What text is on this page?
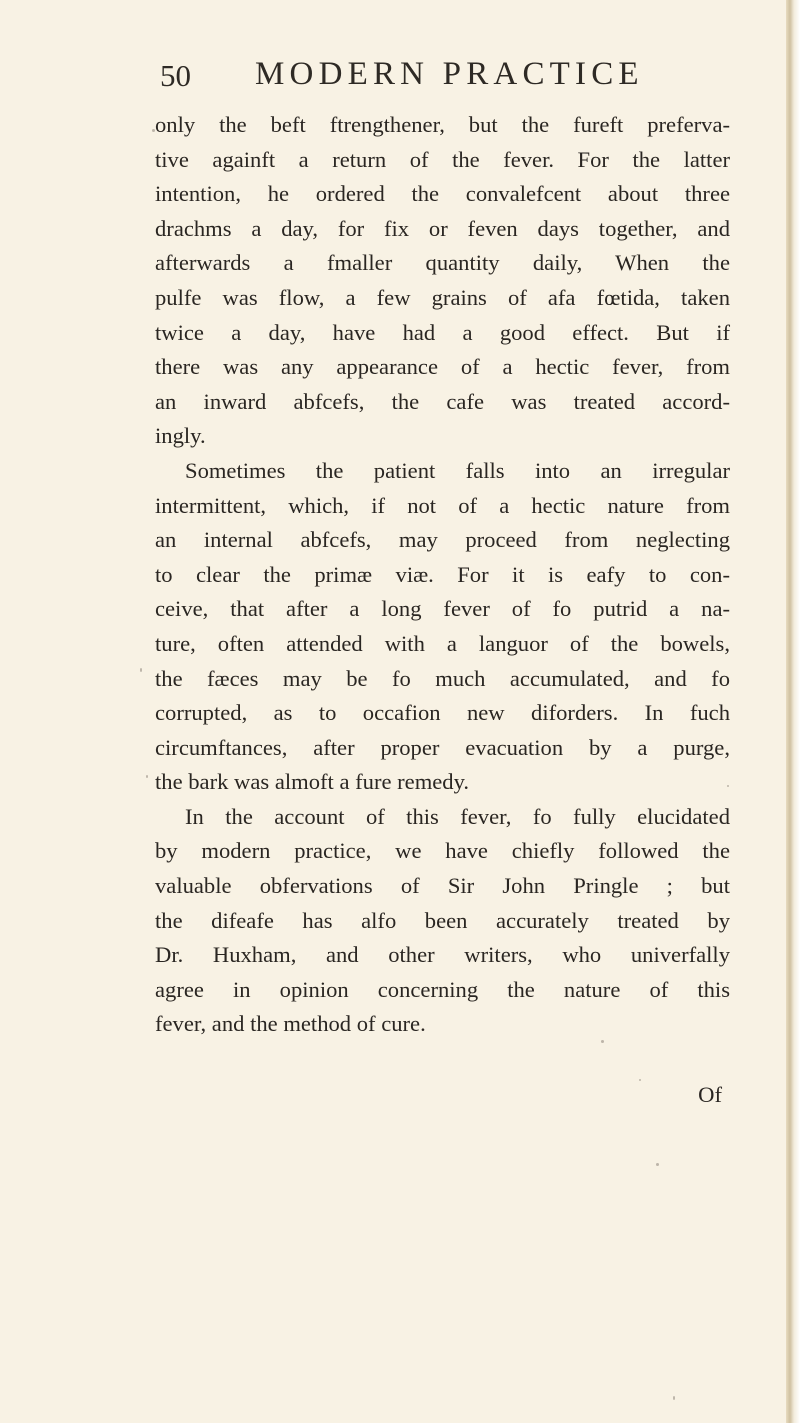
50 MODERN PRACTICE
only the beft ftrengthener, but the fureft preferva-
tive againft a return of the fever. For the latter
intention, he ordered the convalefcent about three
drachms a day, for fix or feven days together, and
afterwards a fmaller quantity daily, When the
pulfe was flow, a few grains of afa fœtida, taken
twice a day, have had a good effect. But if
there was any appearance of a hectic fever, from
an inward abfcefs, the cafe was treated accord-
ingly.
Sometimes the patient falls into an irregular
intermittent, which, if not of a hectic nature from
an internal abfcefs, may proceed from neglecting
to clear the primæ viæ. For it is eafy to con-
ceive, that after a long fever of fo putrid a na-
ture, often attended with a languor of the bowels,
the fæces may be fo much accumulated, and fo
corrupted, as to occafion new diforders. In fuch
circumftances, after proper evacuation by a purge,
the bark was almoft a fure remedy.
In the account of this fever, fo fully elucidated
by modern practice, we have chiefly followed the
valuable obfervations of Sir John Pringle ; but
the difeafe has alfo been accurately treated by
Dr. Huxham, and other writers, who univerfally
agree in opinion concerning the nature of this
fever, and the method of cure.
Of
